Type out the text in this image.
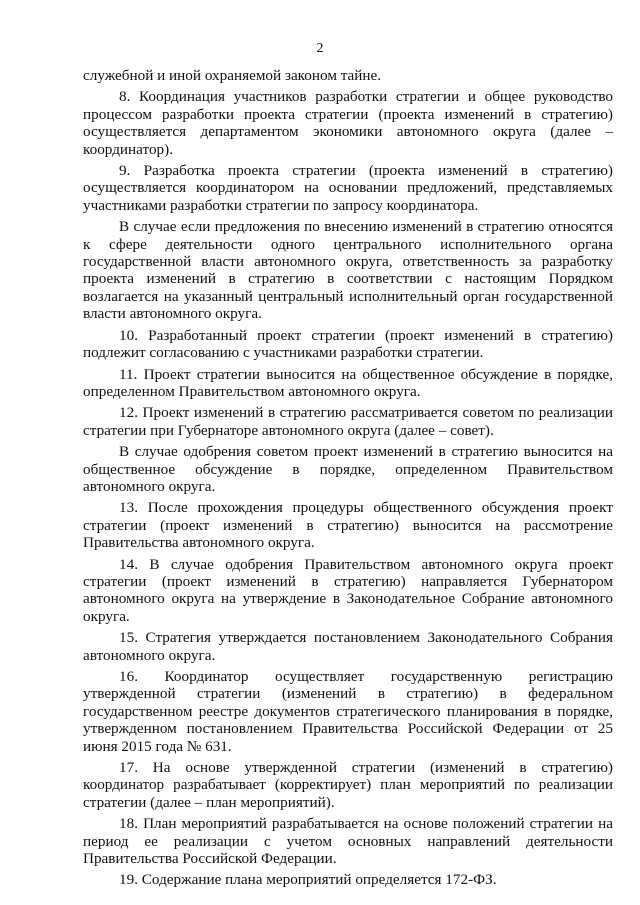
2

служебной и иной охраняемой законом тайне.

8. Координация участников разработки стратегии и общее руководство процессом разработки проекта стратегии (проекта изменений в стратегию) осуществляется департаментом экономики автономного округа (далее – координатор).

9. Разработка проекта стратегии (проекта изменений в стратегию) осуществляется координатором на основании предложений, представляемых участниками разработки стратегии по запросу координатора.

В случае если предложения по внесению изменений в стратегию относятся к сфере деятельности одного центрального исполнительного органа государственной власти автономного округа, ответственность за разработку проекта изменений в стратегию в соответствии с настоящим Порядком возлагается на указанный центральный исполнительный орган государственной власти автономного округа.

10. Разработанный проект стратегии (проект изменений в стратегию) подлежит согласованию с участниками разработки стратегии.

11. Проект стратегии выносится на общественное обсуждение в порядке, определенном Правительством автономного округа.

12. Проект изменений в стратегию рассматривается советом по реализации стратегии при Губернаторе автономного округа (далее – совет).

В случае одобрения советом проект изменений в стратегию выносится на общественное обсуждение в порядке, определенном Правительством автономного округа.

13. После прохождения процедуры общественного обсуждения проект стратегии (проект изменений в стратегию) выносится на рассмотрение Правительства автономного округа.

14. В случае одобрения Правительством автономного округа проект стратегии (проект изменений в стратегию) направляется Губернатором автономного округа на утверждение в Законодательное Собрание автономного округа.

15. Стратегия утверждается постановлением Законодательного Собрания автономного округа.

16. Координатор осуществляет государственную регистрацию утвержденной стратегии (изменений в стратегию) в федеральном государственном реестре документов стратегического планирования в порядке, утвержденном постановлением Правительства Российской Федерации от 25 июня 2015 года № 631.

17. На основе утвержденной стратегии (изменений в стратегию) координатор разрабатывает (корректирует) план мероприятий по реализации стратегии (далее – план мероприятий).

18. План мероприятий разрабатывается на основе положений стратегии на период ее реализации с учетом основных направлений деятельности Правительства Российской Федерации.

19. Содержание плана мероприятий определяется 172-ФЗ.
